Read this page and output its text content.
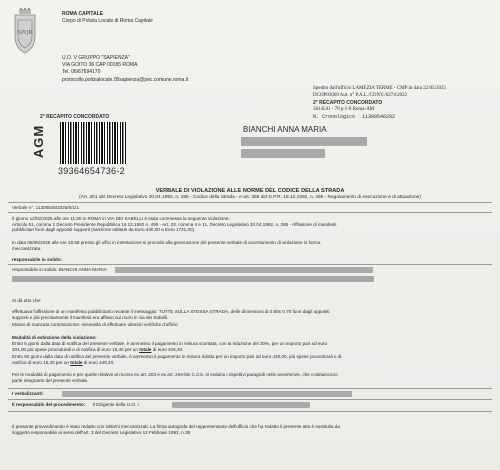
SPQR
ROMA CAPITALE
Corpo di Polizia Locale di Roma Capitale
U.O. V GRUPPO "SAPIENZA"
VIA GOITO 36 CAP 00185 ROMA
Tel. 06/67694170
protocollo.polizialocale.05sapienza@pec.comune.roma.it
Spedito dall'ufficio LAMEZIA TERME - CMP in data 22/05/2025
DCOP03069 Aut. n° P.A.L./CONV./0274/2022
2° RECAPITO CONCORDATO
5814541 - 70 p 1-6 Roma-AM
N. Cronologico 11300546202
2° RECAPITO CONCORDATO
AGM
39364654736-2
BIANCHI ANNA MARIA
VERBALE DI VIOLAZIONE ALLE NORME DEL CODICE DELLA STRADA
(Art. 201 del Decreto Legislativo 30.04.1992, n. 285 - Codice della Strada - e art. 385 del D.P.R. 16.12.1992, n. 495 - Regolamento di esecuzione e di attuazione)
Verbale n°: 11300546/2025/0/1/1
Il giorno 12/02/2025 alle ore 11:30 in ROMA in VIA DEI SABELLI è stata commessa la seguente violazione:
Articolo 51, comma 1 Decreto Presidente Repubblica 16.12.1992 n. 495 - Art. 23, comma 4 e 11, Decreto Legislativo 30.04.1992, n. 285 - Affissione di manifesti
pubblicitari fuori dagli appositi supporti (sanzione edittale da Euro 430,00 a Euro 1731,00)
In data 05/05/2025 alle ore 15:58 presso gli uffici in intestazione si procede alla generazione del presente verbale di accertamento di violazione in forma
meccanizzata.
responsabile in solido:
responsabile in solido: BIANCHI ANNA MARIA
Si dà atto che:
effettuava l'affissione di un manifesto pubblicitario recante il messaggio: TUTTE SULLA STESSA STRADA, delle dimensioni di 0.50x 0.70 fuori dagli appositi
supporti e più precisamente il manifesti era affisso sul muro in via dei Sabelli.
Motivo di mancata contestazione: necessità di effettuare ulteriori verifiche d'ufficio
Modalità di estinzione della violazione:
Entro 5 giorni dalla data di notifica del presente verbale, è ammesso il pagamento in misura scontata, con la riduzione del 30%, per un importo pari ad euro
301,00 più spese procedurali e di notifica di euro 15,40 per un totale di euro 316,40.
Entro 60 giorni dalla data di notifica del presente verbale, è ammesso il pagamento in misura ridotta per un importo pari ad euro 430,00, più spese procedurali e di
notifica di euro 15,40 per un totale di euro 445,40.
Per le modalità di pagamento e per quelle relative al ricorso ex art. 203 e ex art. 204-bis C.d.S. si vedano i rispettivi paragrafi nelle avvertenze, che costituiscono
parte integrante del presente verbale.
I verbalizzanti:
Il responsabile del procedimento: Il Dirigente della U.O. I
Il presente provvedimento è stato redatto con sistemi meccanizzati. La firma autografa del rappresentante dell'ufficio che ha redatto il presente atto è sostituita da
soggetto responsabile ai sensi dell'art. 3 del Decreto Legislativo 12 Febbraio 1993, n.39
